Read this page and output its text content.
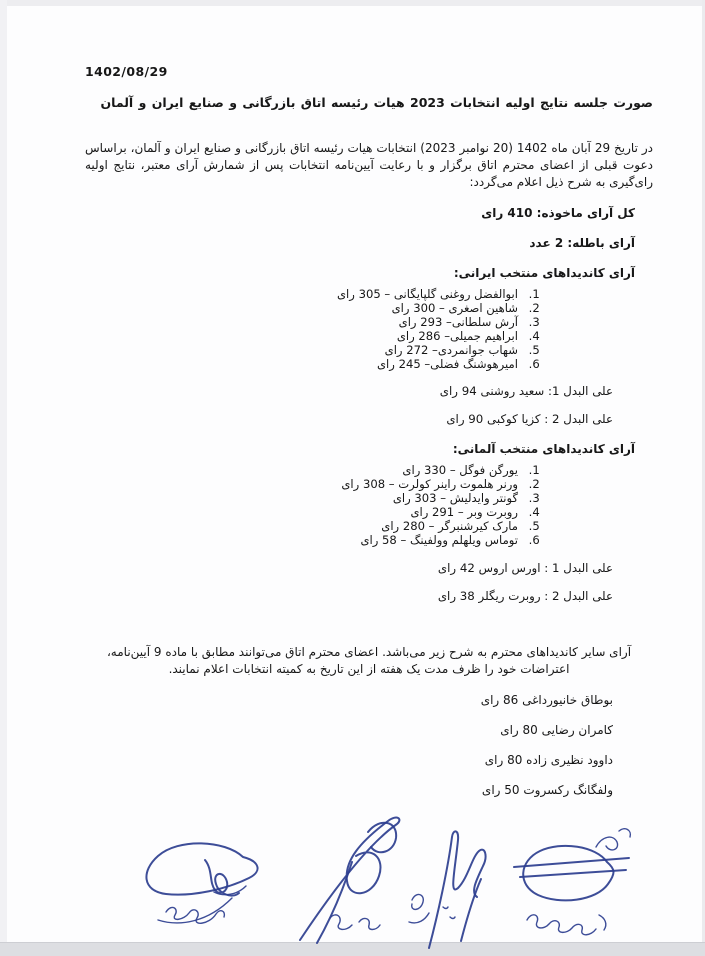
1402/08/29
صورت جلسه نتایج اولیه انتخابات 2023 هیات رئیسه اتاق بازرگانی و صنایع ایران و آلمان
در تاریخ 29 آبان ماه 1402 (20 نوامبر 2023) انتخابات هیات رئیسه اتاق بازرگانی و صنایع ایران و آلمان، براساس دعوت قبلی از اعضای محترم اتاق برگزار و با رعایت آیین‌نامه انتخابات پس از شمارش آرای معتبر، نتایج اولیه رای‌گیری به شرح ذیل اعلام می‌گردد:
کل آرای ماخوذه: 410 رای
آرای باطله: 2 عدد
آرای کاندیداهای منتخب ایرانی:
1. ابوالفضل روغنی گلپایگانی – 305 رای
2. شاهین اصغری – 300 رای
3. آرش سلطانی– 293 رای
4. ابراهیم جمیلی– 286 رای
5. شهاب جوانمردی– 272 رای
6. امیرهوشنگ فضلی– 245 رای
علی البدل 1: سعید روشنی 94 رای
علی البدل 2 : کزیا کوکبی 90 رای
آرای کاندیداهای منتخب آلمانی:
1. یورگن فوگل – 330 رای
2. ورنر هلموت راینر کولرت – 308 رای
3. گونتر وایدلیش – 303 رای
4. روبرت وبر – 291 رای
5. مارک کیرشنبرگر – 280 رای
6. توماس ویلهلم وولفینگ – 58 رای
علی البدل 1 : اورس اروس 42 رای
علی البدل 2 : روبرت ریگلر 38 رای
آرای سایر کاندیداهای محترم به شرح زیر می‌باشد. اعضای محترم اتاق می‌توانند مطابق با ماده 9 آیین‌نامه، اعتراضات خود را ظرف مدت یک هفته از این تاریخ به کمیته انتخابات اعلام نمایند.
بوطاق خانیورداغی 86 رای
کامران رضایی 80 رای
داوود نظیری زاده 80 رای
ولفگانگ رکسروت 50 رای
